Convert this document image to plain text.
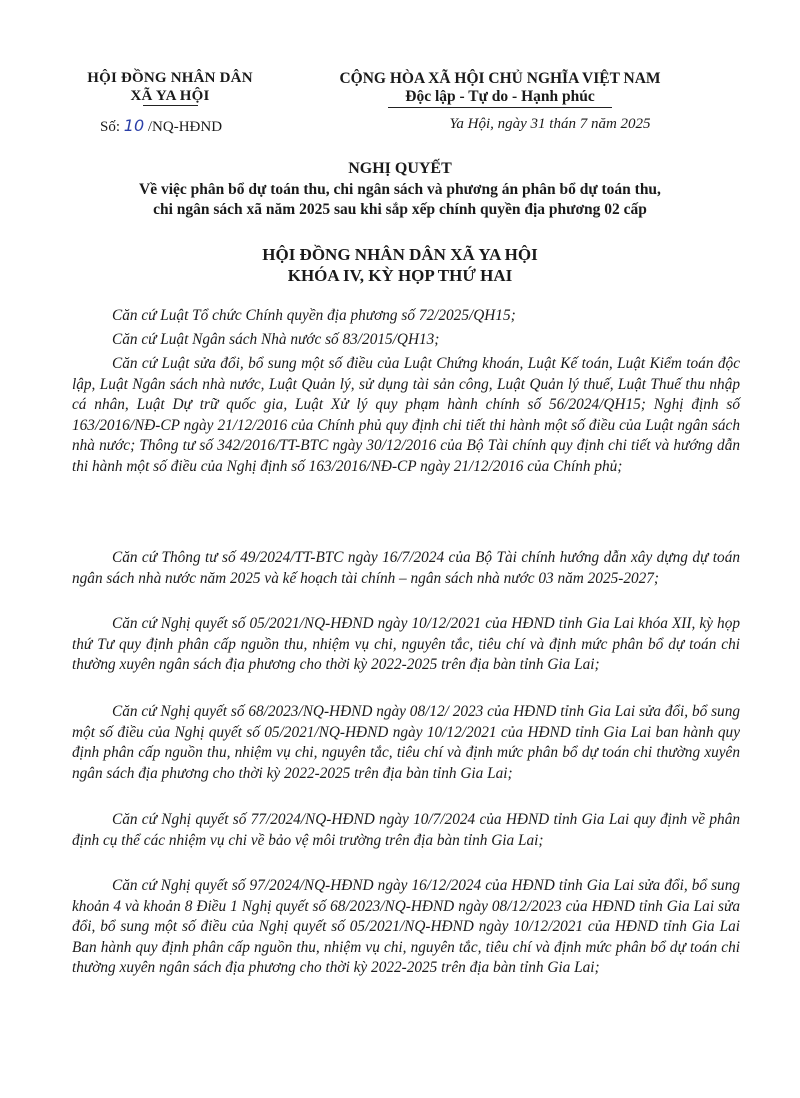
HỘI ĐỒNG NHÂN DÂN
XÃ YA HỘI
Số: 10 /NQ-HĐND
CỘNG HÒA XÃ HỘI CHỦ NGHĨA VIỆT NAM
Độc lập - Tự do - Hạnh phúc
Ya Hội, ngày 31 thán 7 năm 2025
NGHỊ QUYẾT
Về việc phân bổ dự toán thu, chi ngân sách và phương án phân bổ dự toán thu,
chi ngân sách xã năm 2025 sau khi sắp xếp chính quyền địa phương 02 cấp
HỘI ĐỒNG NHÂN DÂN XÃ YA HỘI
KHÓA IV, KỲ HỌP THỨ HAI

Căn cứ Luật Tổ chức Chính quyền địa phương số 72/2025/QH15;

Căn cứ Luật Ngân sách Nhà nước số 83/2015/QH13;

Căn cứ Luật sửa đổi, bổ sung một số điều của Luật Chứng khoán, Luật Kế toán, Luật Kiểm toán độc lập, Luật Ngân sách nhà nước, Luật Quản lý, sử dụng tài sản công, Luật Quản lý thuế, Luật Thuế thu nhập cá nhân, Luật Dự trữ quốc gia, Luật Xử lý quy phạm hành chính số 56/2024/QH15; Nghị định số 163/2016/NĐ-CP ngày 21/12/2016 của Chính phủ quy định chi tiết thi hành một số điều của Luật ngân sách nhà nước; Thông tư số 342/2016/TT-BTC ngày 30/12/2016 của Bộ Tài chính quy định chi tiết và hướng dẫn thi hành một số điều của Nghị định số 163/2016/NĐ-CP ngày 21/12/2016 của Chính phủ;

Căn cứ Thông tư số 49/2024/TT-BTC ngày 16/7/2024 của Bộ Tài chính hướng dẫn xây dựng dự toán ngân sách nhà nước năm 2025 và kế hoạch tài chính – ngân sách nhà nước 03 năm 2025-2027;

Căn cứ Nghị quyết số 05/2021/NQ-HĐND ngày 10/12/2021 của HĐND tỉnh Gia Lai khóa XII, kỳ họp thứ Tư quy định phân cấp nguồn thu, nhiệm vụ chi, nguyên tắc, tiêu chí và định mức phân bổ dự toán chi thường xuyên ngân sách địa phương cho thời kỳ 2022-2025 trên địa bàn tỉnh Gia Lai;

Căn cứ Nghị quyết số 68/2023/NQ-HĐND ngày 08/12/ 2023 của HĐND tỉnh Gia Lai sửa đổi, bổ sung một số điều của Nghị quyết số 05/2021/NQ-HĐND ngày 10/12/2021 của HĐND tỉnh Gia Lai ban hành quy định phân cấp nguồn thu, nhiệm vụ chi, nguyên tắc, tiêu chí và định mức phân bổ dự toán chi thường xuyên ngân sách địa phương cho thời kỳ 2022-2025 trên địa bàn tỉnh Gia Lai;

Căn cứ Nghị quyết số 77/2024/NQ-HĐND ngày 10/7/2024 của HĐND tỉnh Gia Lai quy định về phân định cụ thể các nhiệm vụ chi về bảo vệ môi trường trên địa bàn tỉnh Gia Lai;

Căn cứ Nghị quyết số 97/2024/NQ-HĐND ngày 16/12/2024 của HĐND tỉnh Gia Lai sửa đổi, bổ sung khoản 4 và khoản 8 Điều 1 Nghị quyết số 68/2023/NQ-HĐND ngày 08/12/2023 của HĐND tỉnh Gia Lai sửa đổi, bổ sung một số điều của Nghị quyết số 05/2021/NQ-HĐND ngày 10/12/2021 của HĐND tỉnh Gia Lai Ban hành quy định phân cấp nguồn thu, nhiệm vụ chi, nguyên tắc, tiêu chí và định mức phân bổ dự toán chi thường xuyên ngân sách địa phương cho thời kỳ 2022-2025 trên địa bàn tỉnh Gia Lai;
